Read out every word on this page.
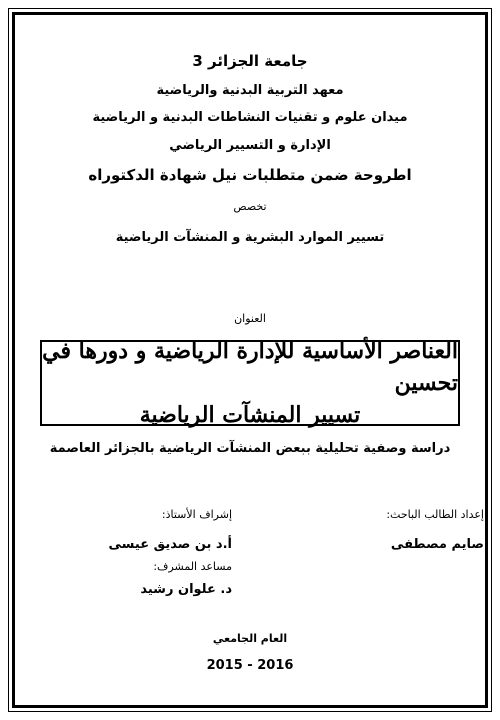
جامعة الجزائر 3
معهد التربية البدنية والرياضية
ميدان علوم و تقنيات النشاطات البدنية و الرياضية
الإدارة و التسيير الرياضي
اطروحة ضمن متطلبات نيل شهادة الدكتوراه
تخصص
تسيير الموارد البشرية و المنشآت الرياضية
العنوان
العناصر الأساسية للإدارة الرياضية و دورها في تحسين
تسيير المنشآت الرياضية
دراسة وصفية تحليلية ببعض المنشآت الرياضية بالجزائر العاصمة
إعداد الطالب الباحث:
صايم مصطفى
إشراف الأستاذ:
أ.د بن صديق عيسى
مساعد المشرف:
د. علوان رشيد
العام الجامعي
2015 - 2016
